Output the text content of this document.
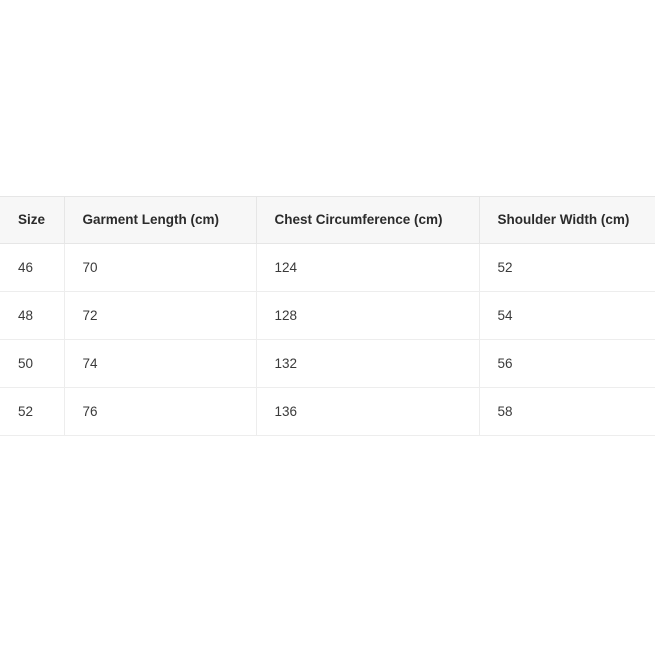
Size	Garment Length (cm)	Chest Circumference (cm)	Shoulder Width (cm)
46	70	124	52
48	72	128	54
50	74	132	56
52	76	136	58
